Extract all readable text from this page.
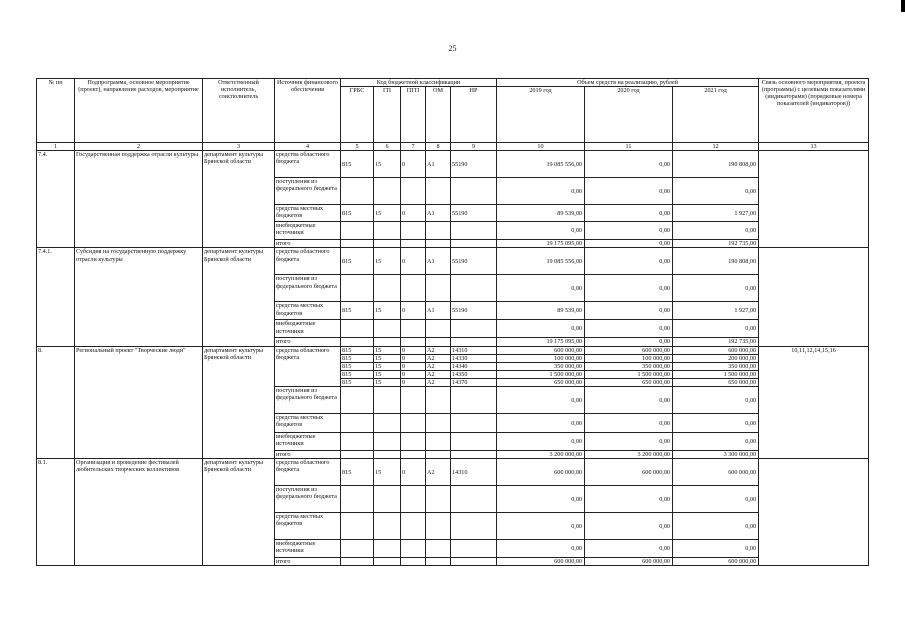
25
№ пп	Подпрограмма, основное мероприятие (проект), направление расходов, мероприятие	Ответственный исполнитель, соисполнитель	Источник финансового обеспечения	Код бюджетной классификации					Объем средств на реализацию, рублей			Связь основного мероприятия, проекта (программы) с целевыми показателями (индикаторами) (порядковые номера показателей (индикаторов))
				ГРБС	ГП	ПГП	ОМ	НР	2019 год	2020 год	2021 год	
1	2	3	4	5	6	7	8	9	10	11	12	13
7.4.	Государственная поддержка отрасли культуры	департамент культуры Брянской области	средства областного бюджета	815	15	0	А1	55190	19 085 556,00	0,00	190 808,00	
			поступления из федерального бюджета						0,00	0,00	0,00	
			средства местных бюджетов	815	15	0	А1	55190	89 539,00	0,00	1 927,00	
			внебюджетные источники						0,00	0,00	0,00	
			итого						19 175 095,00	0,00	192 735,00	
7.4.1.	Субсидия на государственную поддержку отрасли культуры	департамент культуры Брянской области	средства областного бюджета	815	15	0	А1	55190	19 085 556,00	0,00	190 808,00	
			поступления из федерального бюджета						0,00	0,00	0,00	
			средства местных бюджетов	815	15	0	А1	55190	89 539,00	0,00	1 927,00	
			внебюджетные источники						0,00	0,00	0,00	
			итого						19 175 095,00	0,00	192 735,00	
8.	Региональный проект "Творческие люди"	департамент культуры Брянской области	средства областного бюджета	815	15	0	А2	14310	600 000,00	600 000,00	600 000,00	10,11,12,14,15,16
				815	15	0	А2	14330	100 000,00	100 000,00	200 000,00	
				815	15	0	А2	14340	350 000,00	350 000,00	350 000,00	
				815	15	0	А2	14350	1 500 000,00	1 500 000,00	1 500 000,00	
				815	15	0	А2	14370	650 000,00	650 000,00	650 000,00	
			поступления из федерального бюджета						0,00	0,00	0,00	
			средства местных бюджетов						0,00	0,00	0,00	
			внебюджетные источники						0,00	0,00	0,00	
			итого						3 200 000,00	3 200 000,00	3 300 000,00	
8.1.	Организация и проведение фестивалей любительских творческих коллективов	департамент культуры Брянской области	средства областного бюджета	815	15	0	А2	14310	600 000,00	600 000,00	600 000,00	
			поступления из федерального бюджета						0,00	0,00	0,00	
			средства местных бюджетов						0,00	0,00	0,00	
			внебюджетные источники						0,00	0,00	0,00	
			итого						600 000,00	600 000,00	600 000,00	
